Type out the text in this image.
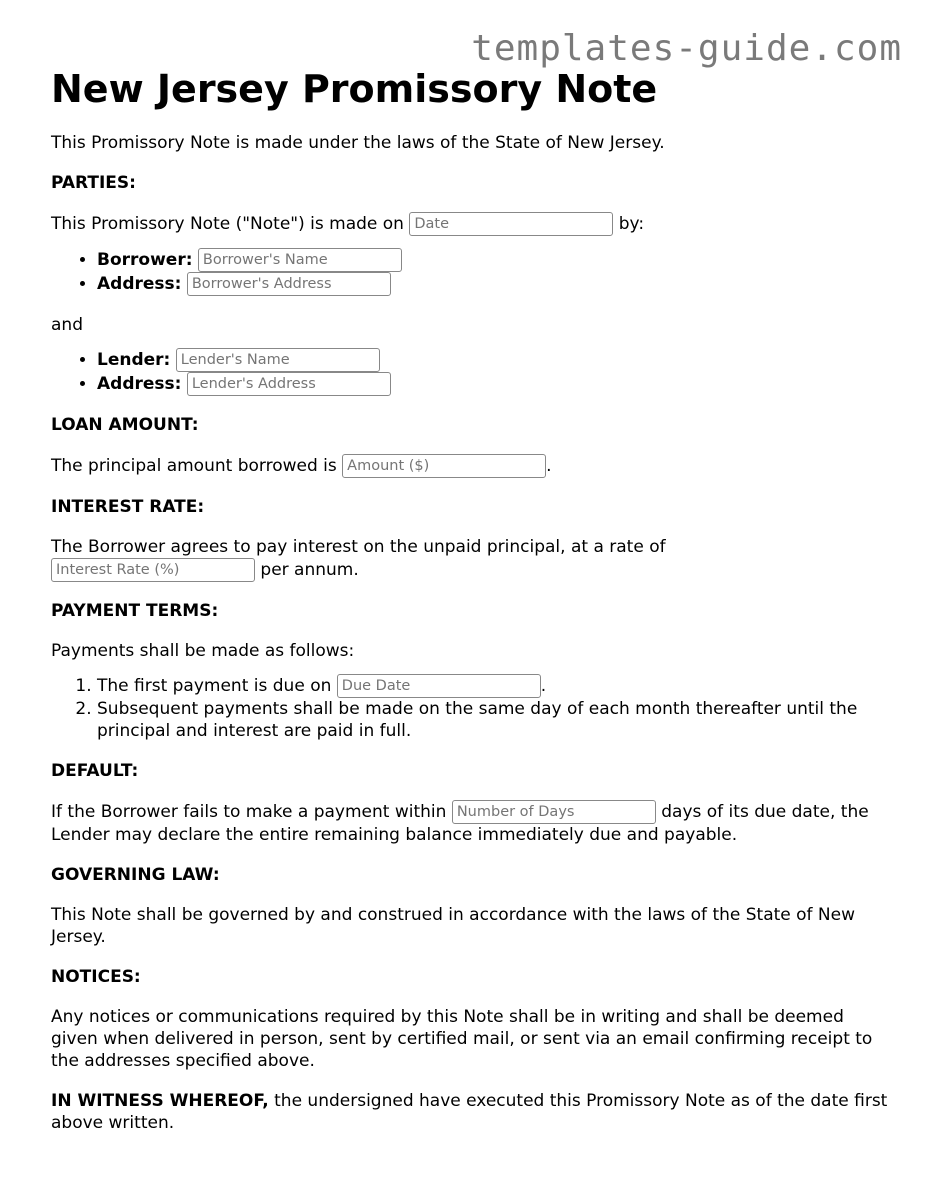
templates-guide.com
New Jersey Promissory Note

This Promissory Note is made under the laws of the State of New Jersey.

PARTIES:

This Promissory Note ("Note") is made on Date	by:

• Borrower: Borrower's Name
• Address: Borrower's Address

and

• Lender: Lender's Name
• Address: Lender's Address

LOAN AMOUNT:

The principal amount borrowed is Amount ($)	.

INTEREST RATE:

The Borrower agrees to pay interest on the unpaid principal, at a rate of
Interest Rate (%) per annum.

PAYMENT TERMS:

Payments shall be made as follows:

1. The first payment is due on Due Date	.
2. Subsequent payments shall be made on the same day of each month thereafter until the principal and interest are paid in full.

DEFAULT:

If the Borrower fails to make a payment within Number of Days	days of its due date, the Lender may declare the entire remaining balance immediately due and payable.

GOVERNING LAW:

This Note shall be governed by and construed in accordance with the laws of the State of New Jersey.

NOTICES:

Any notices or communications required by this Note shall be in writing and shall be deemed given when delivered in person, sent by certified mail, or sent via an email confirming receipt to the addresses specified above.

IN WITNESS WHEREOF, the undersigned have executed this Promissory Note as of the date first above written.
